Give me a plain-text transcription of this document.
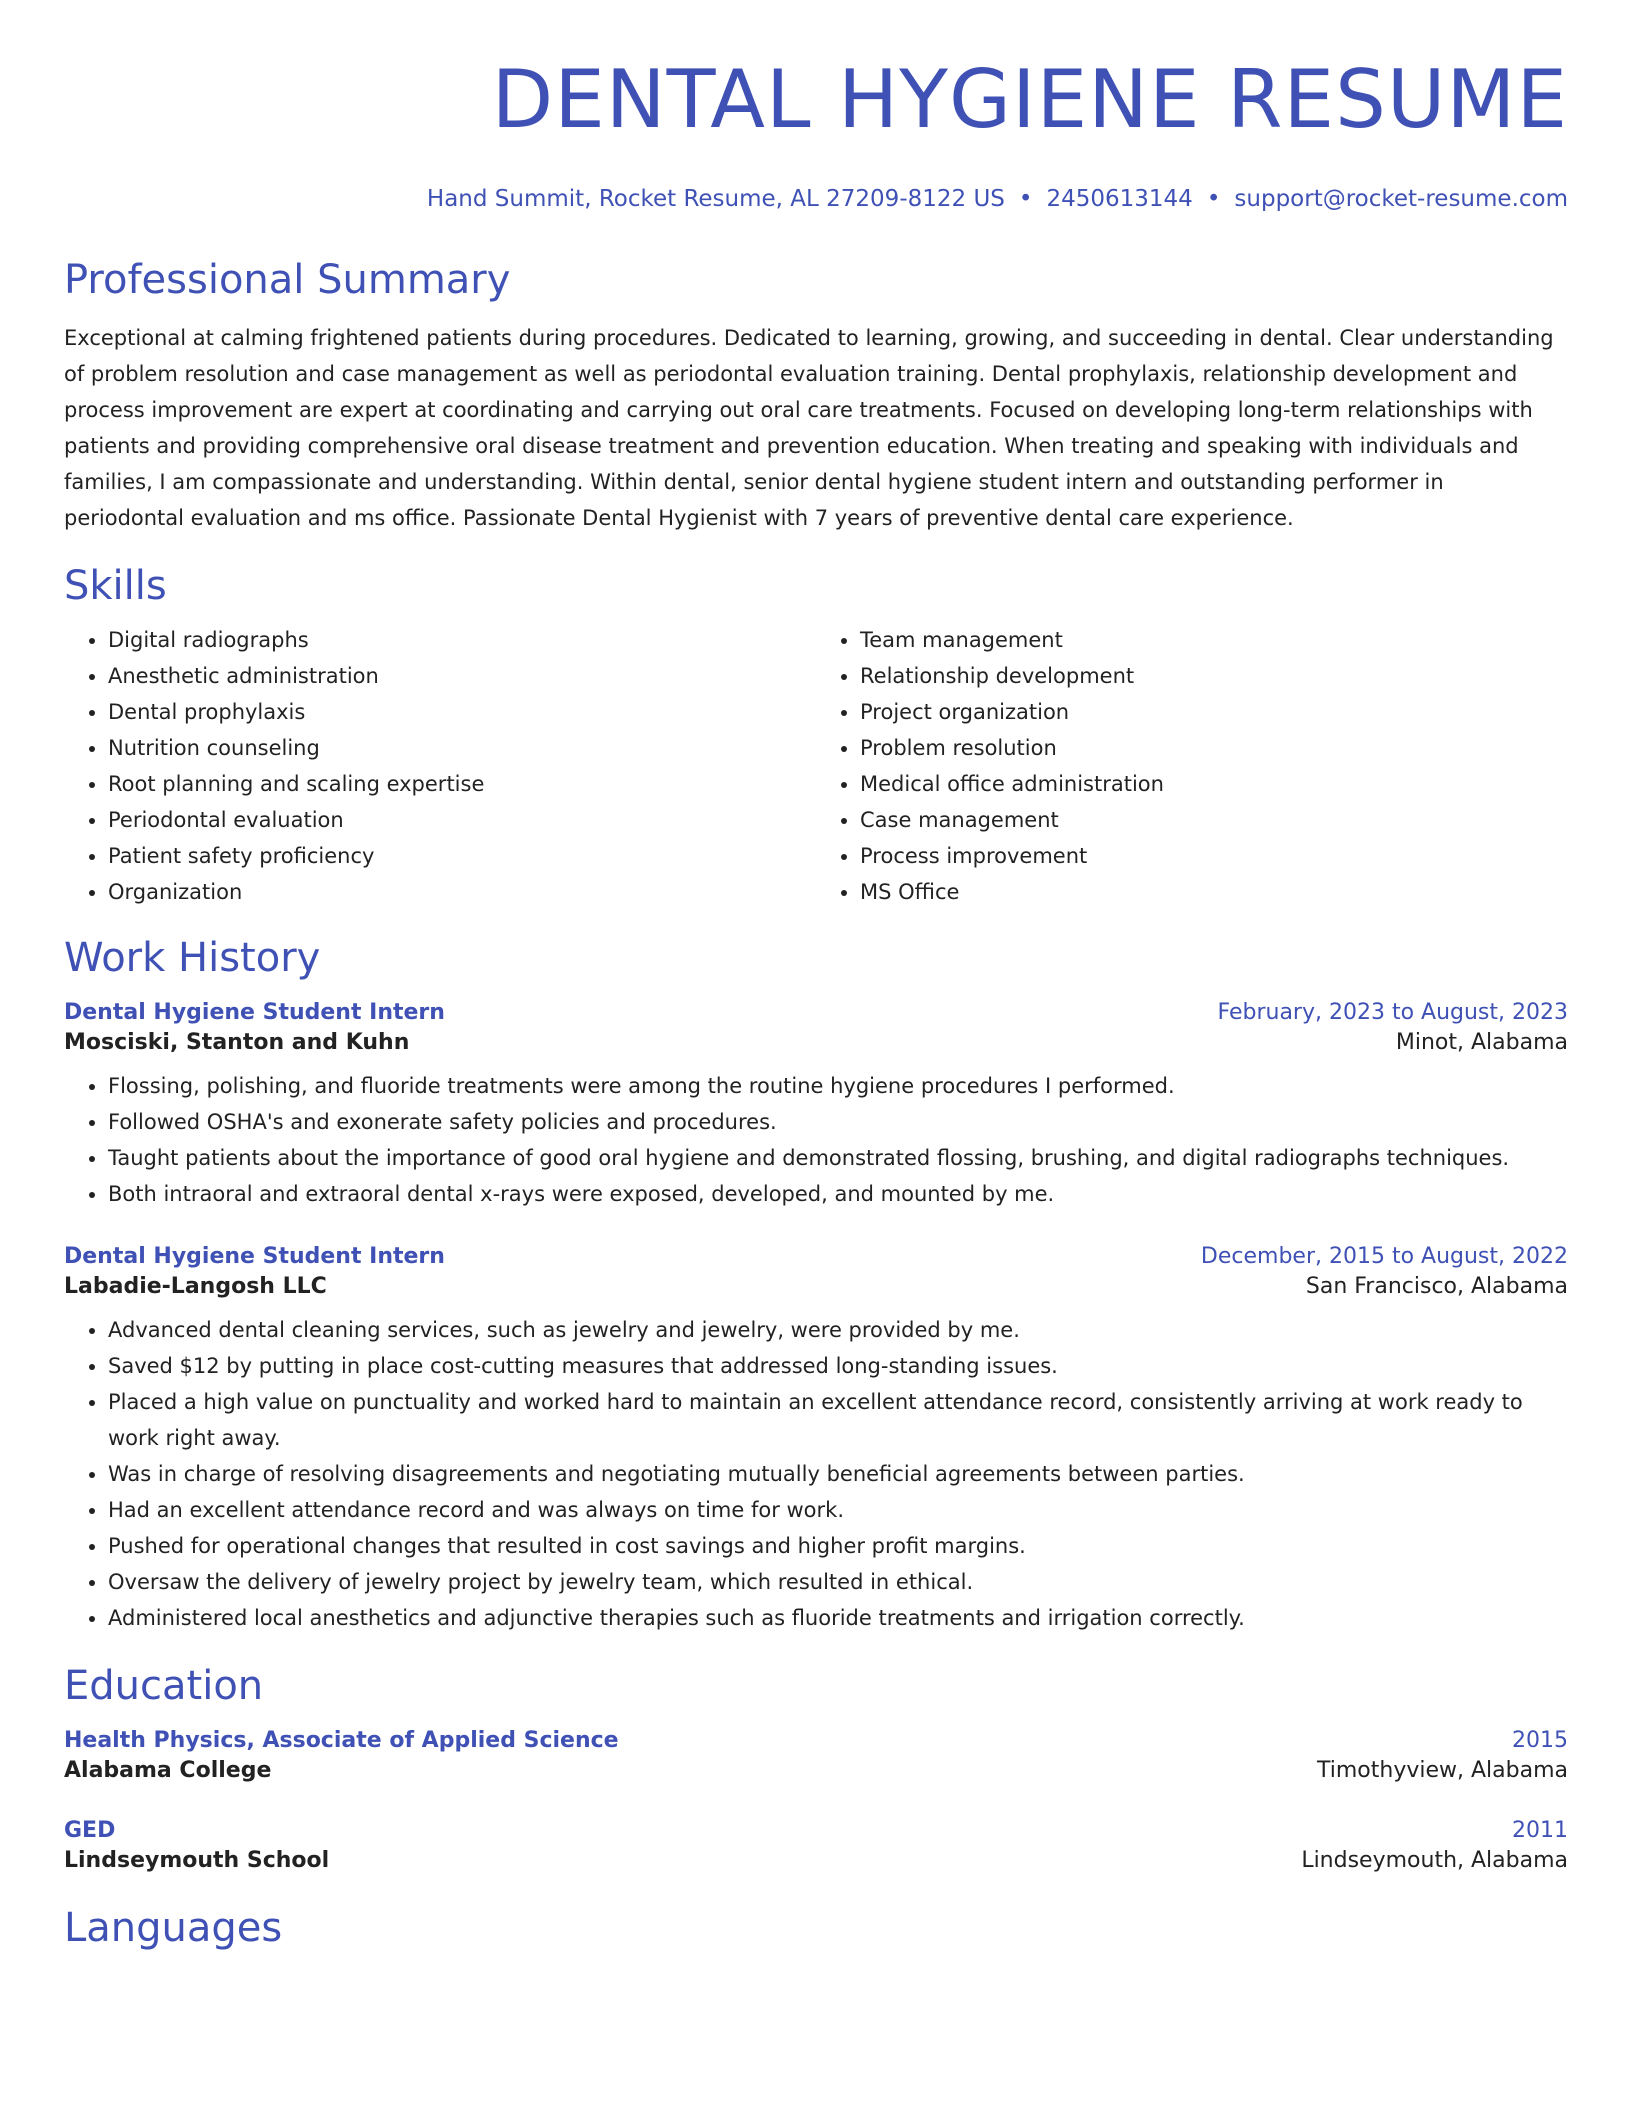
DENTAL HYGIENE RESUME
Hand Summit, Rocket Resume, AL 27209-8122 US • 2450613144 • support@rocket-resume.com
Professional Summary

Exceptional at calming frightened patients during procedures. Dedicated to learning, growing, and succeeding in dental. Clear understanding of problem resolution and case management as well as periodontal evaluation training. Dental prophylaxis, relationship development and process improvement are expert at coordinating and carrying out oral care treatments. Focused on developing long-term relationships with patients and providing comprehensive oral disease treatment and prevention education. When treating and speaking with individuals and families, I am compassionate and understanding. Within dental, senior dental hygiene student intern and outstanding performer in periodontal evaluation and ms office. Passionate Dental Hygienist with 7 years of preventive dental care experience.

Skills
• Digital radiographs
• Anesthetic administration
• Dental prophylaxis
• Nutrition counseling
• Root planning and scaling expertise
• Periodontal evaluation
• Patient safety proficiency
• Organization
• Team management
• Relationship development
• Project organization
• Problem resolution
• Medical office administration
• Case management
• Process improvement
• MS Office
Work History
Dental Hygiene Student Intern	February, 2023 to August, 2023
Mosciski, Stanton and Kuhn	Minot, Alabama
• Flossing, polishing, and fluoride treatments were among the routine hygiene procedures I performed.
• Followed OSHA's and exonerate safety policies and procedures.
• Taught patients about the importance of good oral hygiene and demonstrated flossing, brushing, and digital radiographs techniques.
• Both intraoral and extraoral dental x-rays were exposed, developed, and mounted by me.
Dental Hygiene Student Intern	December, 2015 to August, 2022
Labadie-Langosh LLC	San Francisco, Alabama
• Advanced dental cleaning services, such as jewelry and jewelry, were provided by me.
• Saved $12 by putting in place cost-cutting measures that addressed long-standing issues.
• Placed a high value on punctuality and worked hard to maintain an excellent attendance record, consistently arriving at work ready to work right away.
• Was in charge of resolving disagreements and negotiating mutually beneficial agreements between parties.
• Had an excellent attendance record and was always on time for work.
• Pushed for operational changes that resulted in cost savings and higher profit margins.
• Oversaw the delivery of jewelry project by jewelry team, which resulted in ethical.
• Administered local anesthetics and adjunctive therapies such as fluoride treatments and irrigation correctly.
Education
Health Physics, Associate of Applied Science	2015
Alabama College	Timothyview, Alabama
GED	2011
Lindseymouth School	Lindseymouth, Alabama
Languages
